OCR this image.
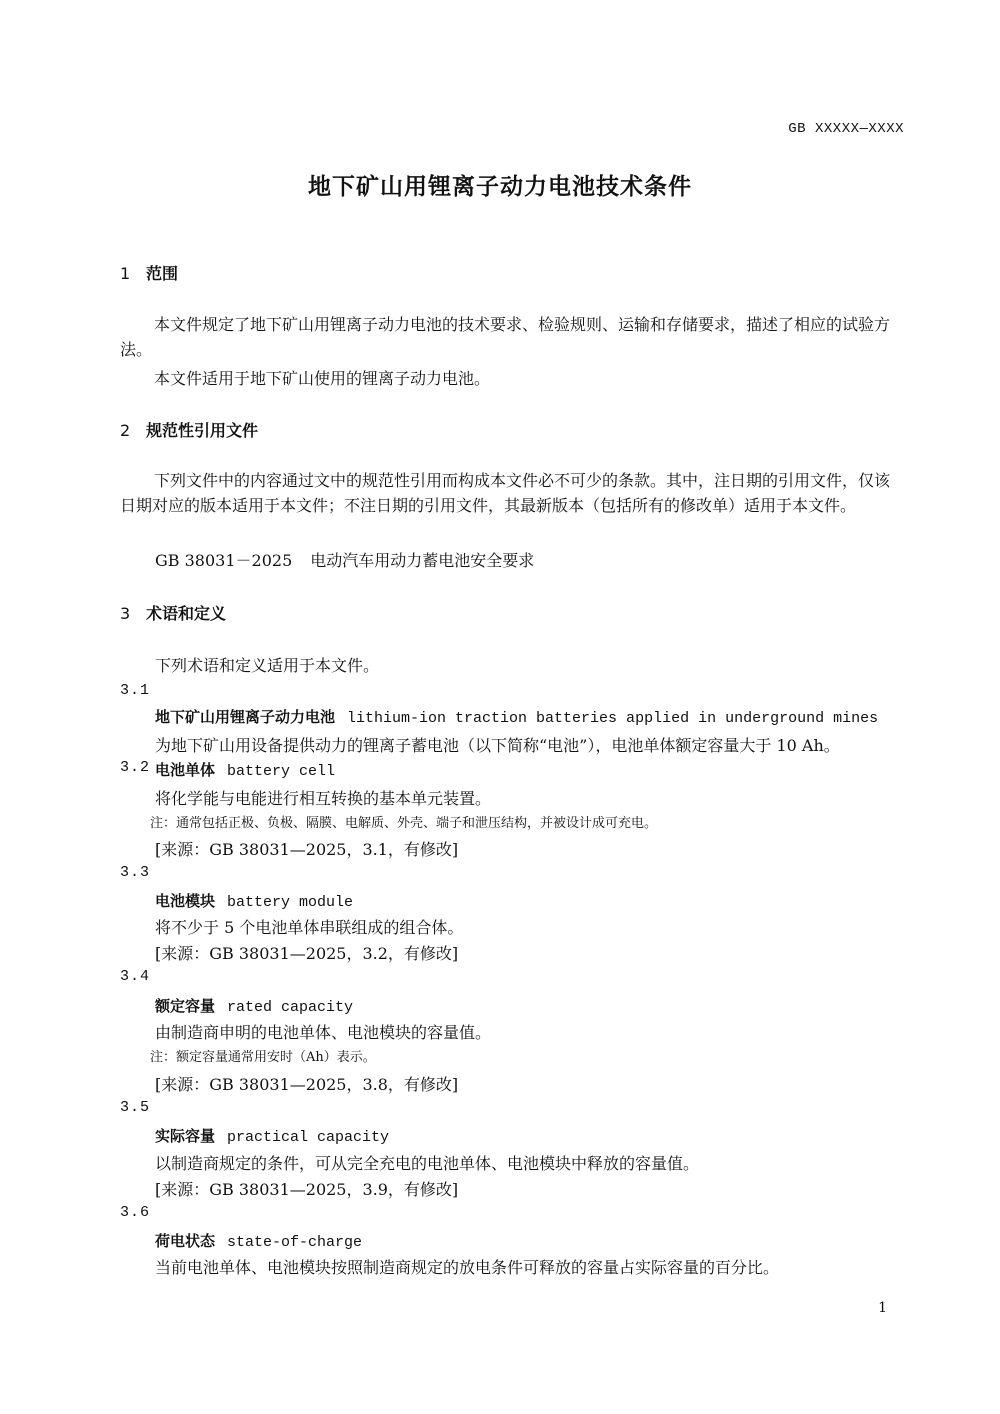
GB XXXXX—XXXX
地下矿山用锂离子动力电池技术条件
1 范围
本文件规定了地下矿山用锂离子动力电池的技术要求、检验规则、运输和存储要求，描述了相应的试验方法。
本文件适用于地下矿山使用的锂离子动力电池。
2 规范性引用文件
下列文件中的内容通过文中的规范性引用而构成本文件必不可少的条款。其中，注日期的引用文件，仅该日期对应的版本适用于本文件；不注日期的引用文件，其最新版本（包括所有的修改单）适用于本文件。
GB 38031－2025 电动汽车用动力蓄电池安全要求
3 术语和定义
下列术语和定义适用于本文件。
3.1
地下矿山用锂离子动力电池 lithium-ion traction batteries applied in underground mines
为地下矿山用设备提供动力的锂离子蓄电池（以下简称“电池”），电池单体额定容量大于 10 Ah。
3.2 电池单体 battery cell
将化学能与电能进行相互转换的基本单元装置。
注：通常包括正极、负极、隔膜、电解质、外壳、端子和泄压结构，并被设计成可充电。
[来源：GB 38031—2025，3.1，有修改]
3.3
电池模块 battery module
将不少于 5 个电池单体串联组成的组合体。
[来源：GB 38031—2025，3.2，有修改]
3.4
额定容量 rated capacity
由制造商申明的电池单体、电池模块的容量值。
注：额定容量通常用安时（Ah）表示。
[来源：GB 38031—2025，3.8，有修改]
3.5
实际容量 practical capacity
以制造商规定的条件，可从完全充电的电池单体、电池模块中释放的容量值。
[来源：GB 38031—2025，3.9，有修改]
3.6
荷电状态 state-of-charge
当前电池单体、电池模块按照制造商规定的放电条件可释放的容量占实际容量的百分比。
1
